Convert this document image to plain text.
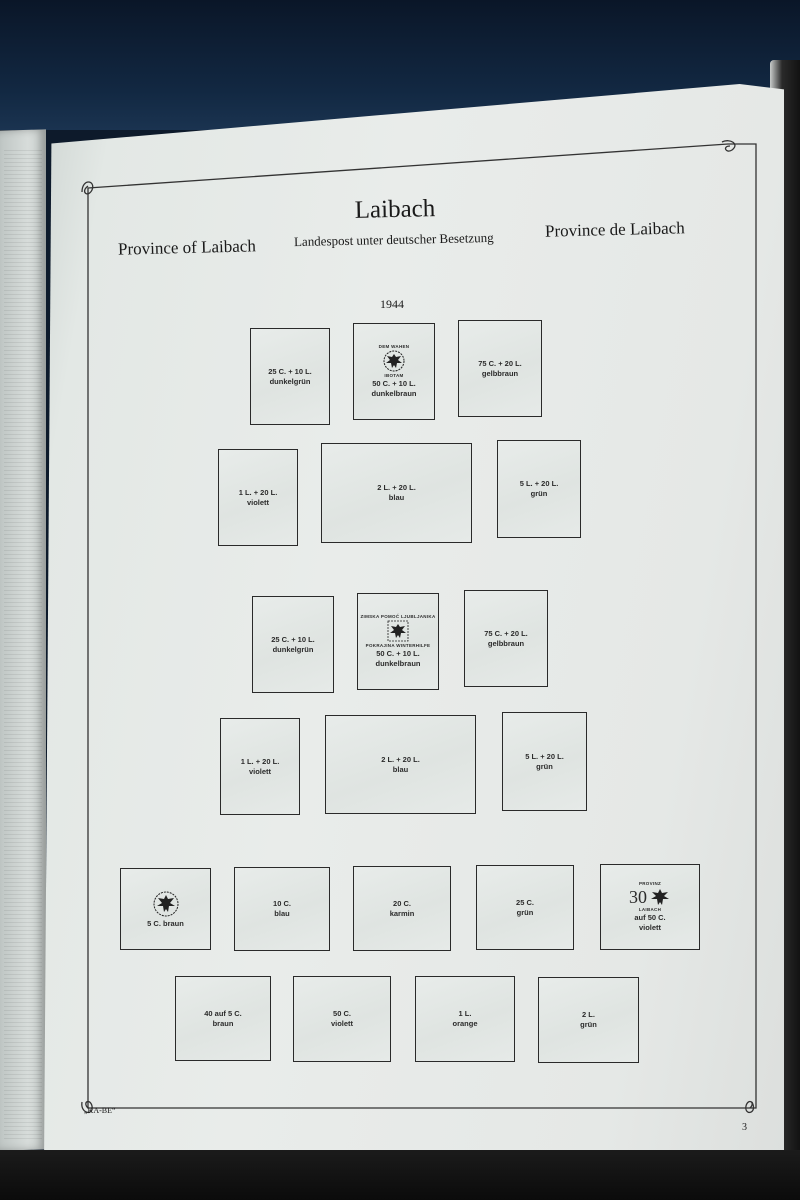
Laibach
Province of Laibach	Landespost unter deutscher Besetzung	Province de Laibach
1944
25 C. + 10 L.
dunkelgrün
DEM WAHEN
IBOTAM
50 C. + 10 L.
dunkelbraun
75 C. + 20 L.
gelbbraun
1 L. + 20 L.
violett
2 L. + 20 L.
blau
5 L. + 20 L.
grün
25 C. + 10 L.
dunkelgrün
ZIMSKA POMOĆ LJUBLJANIKA
POKRAJINA WINTERHILFE
50 C. + 10 L.
dunkelbraun
75 C. + 20 L.
gelbbraun
1 L. + 20 L.
violett
2 L. + 20 L.
blau
5 L. + 20 L.
grün
5 C. braun
10 C.
blau
20 C.
karmin
25 C.
grün
PROVINZ
30
LAIBACH
auf 50 C.
violett
40 auf 5 C.
braun
50 C.
violett
1 L.
orange
2 L.
grün
„KA-BE“
3
